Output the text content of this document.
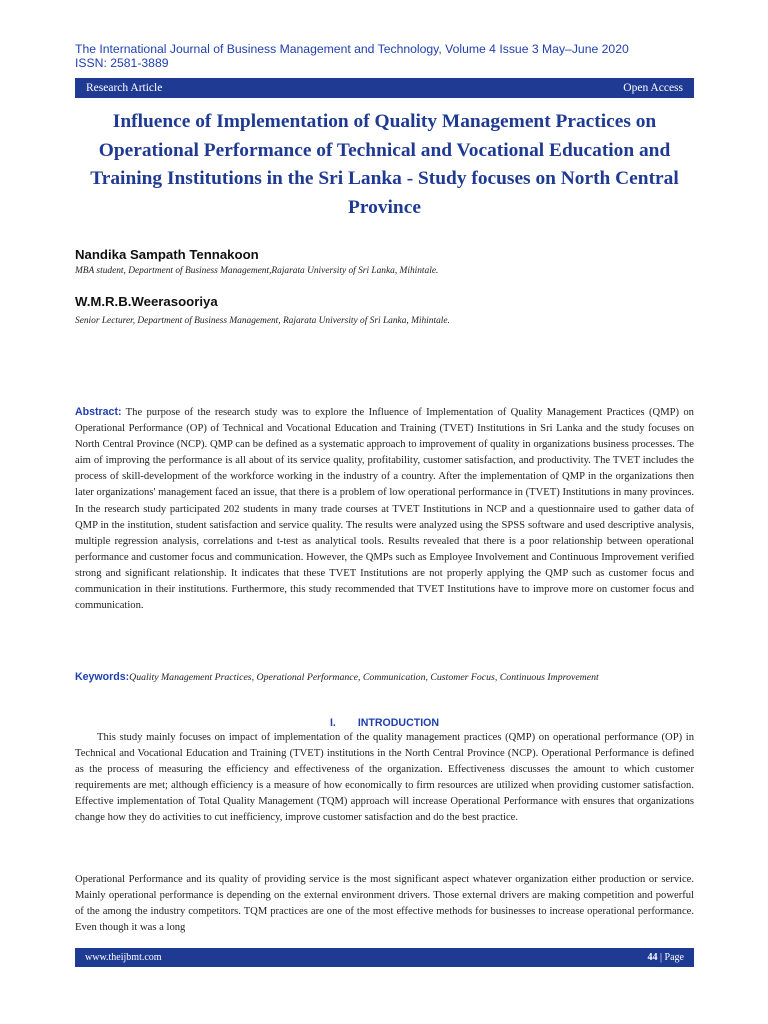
The International Journal of Business Management and Technology, Volume 4 Issue 3 May–June 2020
ISSN: 2581-3889
Research Article	Open Access
Influence of Implementation of Quality Management Practices on Operational Performance of Technical and Vocational Education and Training Institutions in the Sri Lanka - Study focuses on North Central Province
Nandika Sampath Tennakoon
MBA student, Department of Business Management,Rajarata University of Sri Lanka, Mihintale.
W.M.R.B.Weerasooriya
Senior Lecturer, Department of Business Management, Rajarata University of Sri Lanka, Mihintale.
Abstract: The purpose of the research study was to explore the Influence of Implementation of Quality Management Practices (QMP) on Operational Performance (OP) of Technical and Vocational Education and Training (TVET) Institutions in Sri Lanka and the study focuses on North Central Province (NCP). QMP can be defined as a systematic approach to improvement of quality in organizations business processes. The aim of improving the performance is all about of its service quality, profitability, customer satisfaction, and productivity. The TVET includes the process of skill-development of the workforce working in the industry of a country. After the implementation of QMP in the organizations then later organizations' management faced an issue, that there is a problem of low operational performance in (TVET) Institutions in many provinces. In the research study participated 202 students in many trade courses at TVET Institutions in NCP and a questionnaire used to gather data of QMP in the institution, student satisfaction and service quality. The results were analyzed using the SPSS software and used descriptive analysis, multiple regression analysis, correlations and t-test as analytical tools. Results revealed that there is a poor relationship between operational performance and customer focus and communication. However, the QMPs such as Employee Involvement and Continuous Improvement verified strong and significant relationship. It indicates that these TVET Institutions are not properly applying the QMP such as customer focus and communication in their institutions. Furthermore, this study recommended that TVET Institutions have to improve more on customer focus and communication.
Keywords:Quality Management Practices, Operational Performance, Communication, Customer Focus, Continuous Improvement
I. INTRODUCTION

This study mainly focuses on impact of implementation of the quality management practices (QMP) on operational performance (OP) in Technical and Vocational Education and Training (TVET) institutions in the North Central Province (NCP). Operational Performance is defined as the process of measuring the efficiency and effectiveness of the organization. Effectiveness discusses the amount to which customer requirements are met; although efficiency is a measure of how economically to firm resources are utilized when providing customer satisfaction. Effective implementation of Total Quality Management (TQM) approach will increase Operational Performance with ensures that organizations change how they do activities to cut inefficiency, improve customer satisfaction and do the best practice.

Operational Performance and its quality of providing service is the most significant aspect whatever organization either production or service. Mainly operational performance is depending on the external environment drivers. Those external drivers are making competition and powerful of the among the industry competitors. TQM practices are one of the most effective methods for businesses to increase operational performance. Even though it was a long

www.theijbmt.com	44 | Page
